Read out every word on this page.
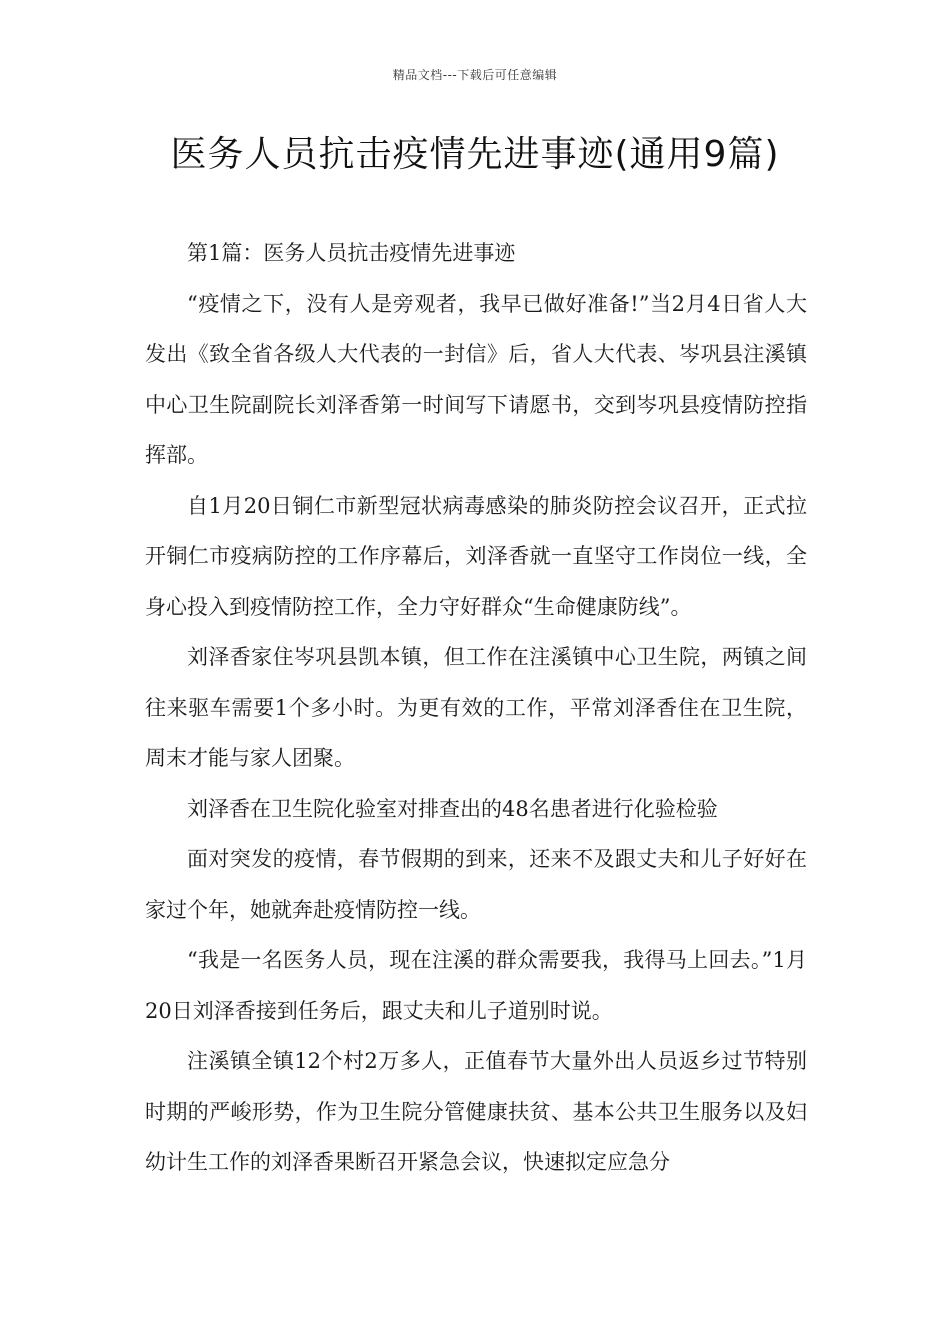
精品文档---下载后可任意编辑
医务人员抗击疫情先进事迹(通用9篇)

第1篇：医务人员抗击疫情先进事迹

“疫情之下，没有人是旁观者，我早已做好准备!”当2月4日省人大发出《致全省各级人大代表的一封信》后，省人大代表、岑巩县注溪镇中心卫生院副院长刘泽香第一时间写下请愿书，交到岑巩县疫情防控指挥部。

自1月20日铜仁市新型冠状病毒感染的肺炎防控会议召开，正式拉开铜仁市疫病防控的工作序幕后，刘泽香就一直坚守工作岗位一线，全身心投入到疫情防控工作，全力守好群众“生命健康防线”。

刘泽香家住岑巩县凯本镇，但工作在注溪镇中心卫生院，两镇之间往来驱车需要1个多小时。为更有效的工作，平常刘泽香住在卫生院，周末才能与家人团聚。

刘泽香在卫生院化验室对排查出的48名患者进行化验检验

面对突发的疫情，春节假期的到来，还来不及跟丈夫和儿子好好在家过个年，她就奔赴疫情防控一线。

“我是一名医务人员，现在注溪的群众需要我，我得马上回去。”1月20日刘泽香接到任务后，跟丈夫和儿子道别时说。

注溪镇全镇12个村2万多人，正值春节大量外出人员返乡过节特别时期的严峻形势，作为卫生院分管健康扶贫、基本公共卫生服务以及妇幼计生工作的刘泽香果断召开紧急会议，快速拟定应急分
